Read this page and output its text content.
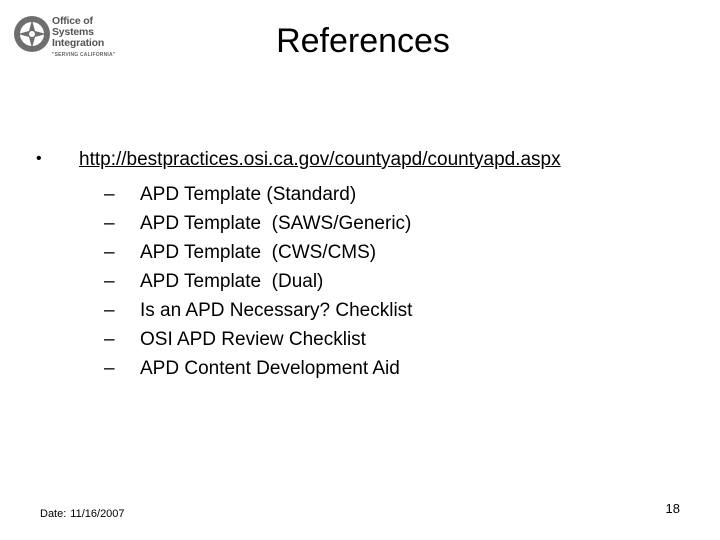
Office of
Systems
Integration
"SERVING CALIFORNIA"	References
• http://bestpractices.osi.ca.gov/countyapd/countyapd.aspx
–	APD Template (Standard)
–	APD Template  (SAWS/Generic)
–	APD Template  (CWS/CMS)
–	APD Template  (Dual)
–	Is an APD Necessary? Checklist
–	OSI APD Review Checklist
–	APD Content Development Aid
Date: 11/16/2007	18
